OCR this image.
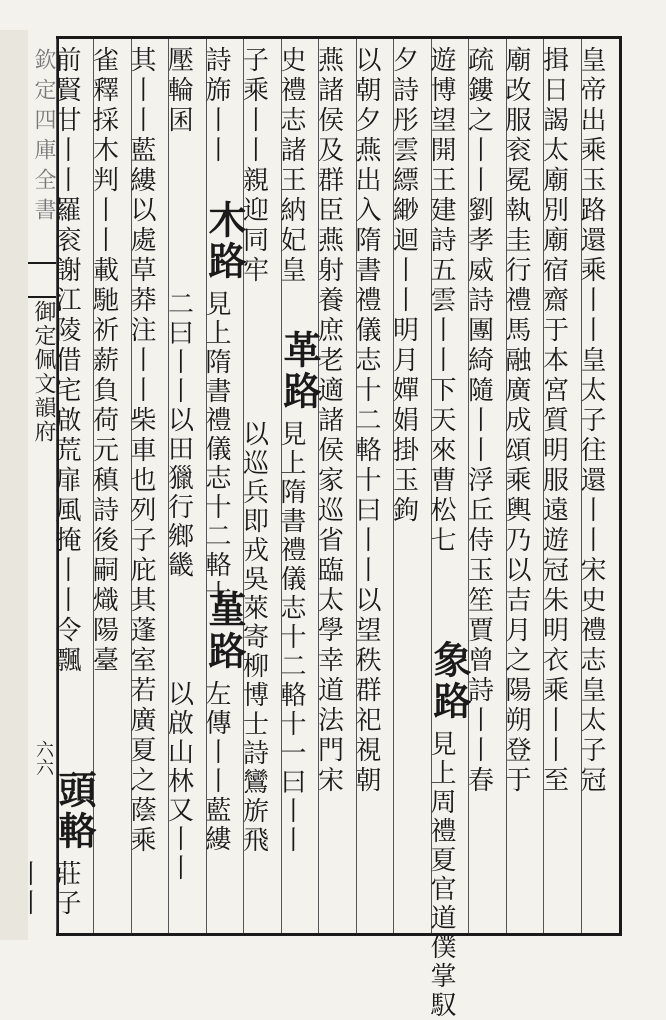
欽定四庫全書
御定佩文韻府
六六	皇帝出乘玉路還乘丨丨皇太子往還丨丨宋史禮志皇太子冠
揖日謁太廟別廟宿齋于本宮質明服遠遊冠朱明衣乘丨丨至
廟改服衮冕執圭行禮馬融廣成頌乘輿乃以吉月之陽朔登于
疏鏤之丨丨劉孝威詩團綺隨丨丨浮丘侍玉笙賈曾詩丨丨春
遊博望開王建詩五雲丨丨下天來曹松七
夕詩彤雲縹緲迴丨丨明月嬋娟掛玉鉤
以朝夕燕出入隋書禮儀志十二輅十曰丨丨以望秩群祀視朝
燕諸侯及群臣燕射養庶老適諸侯家巡省臨太學幸道法門宋
史禮志諸王納妃皇
子乘丨丨親迎同牢
詩旆丨丨
壓輪囷
其丨丨藍縷以處草莽注丨丨柴車也列子庇其蓬室若廣夏之蔭乘
雀釋採木判丨丨載馳祈薪負荷元稹詩後嗣熾陽臺
前賢甘丨丨羅衮謝江陵借宅啟荒扉風掩丨丨令飄
象路
見上周禮夏官道僕掌馭
革路
見上隋書禮儀志十二輅十一曰丨丨
以巡兵即戎吳萊寄柳博士詩鸞旂飛
木路
見上隋書禮儀志十二輅十
二曰丨丨以田獵行鄉畿
堇路
左傳丨丨藍縷
以啟山林又丨丨
頭輅
莊子
丨丨
